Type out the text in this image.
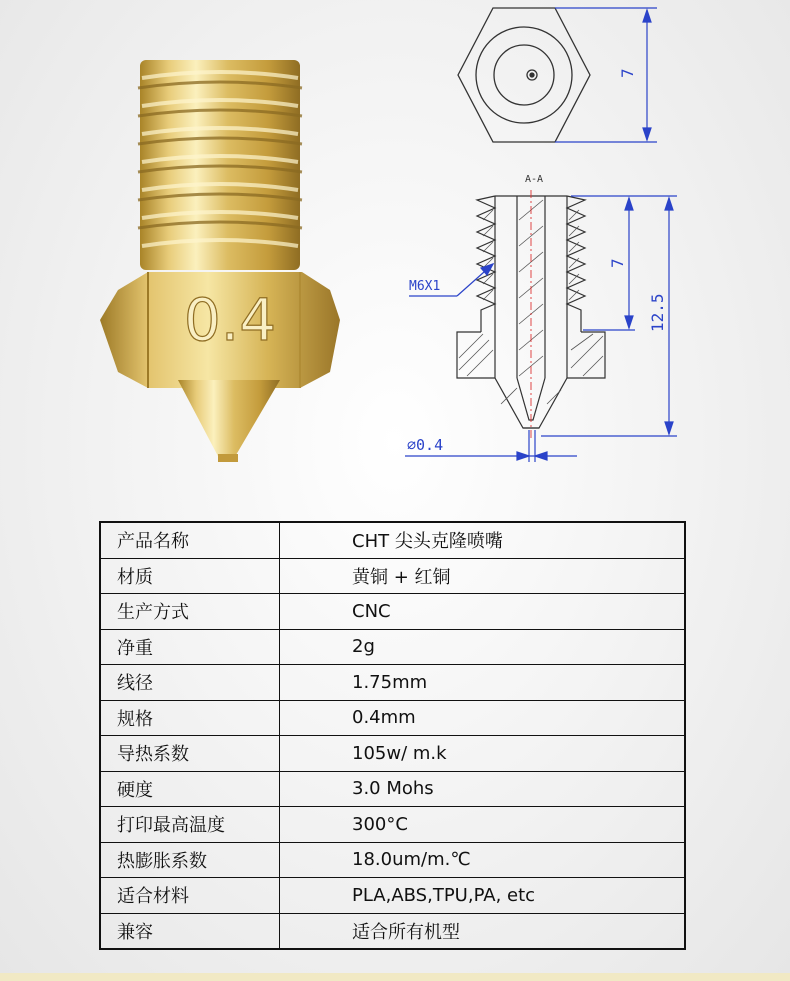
0.4
7
A-A
7
12.5
M6X1
∅0.4
产品名称	CHT 尖头克隆喷嘴
材质	黄铜 + 红铜
生产方式	CNC
净重	2g
线径	1.75mm
规格	0.4mm
导热系数	105w/ m.k
硬度	3.0 Mohs
打印最高温度	300°C
热膨胀系数	18.0um/m.℃
适合材料	PLA,ABS,TPU,PA, etc
兼容	适合所有机型
